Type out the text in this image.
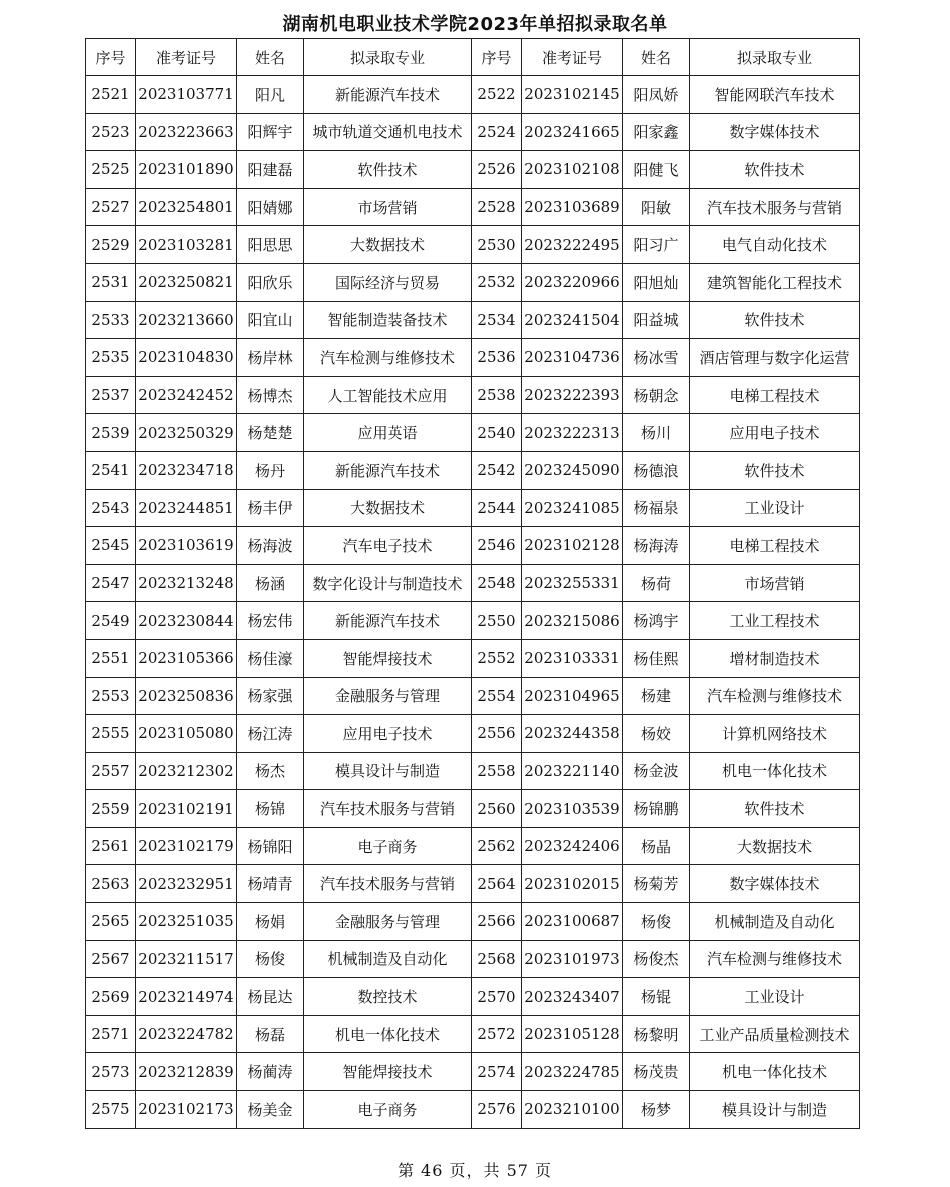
湖南机电职业技术学院2023年单招拟录取名单
序号	准考证号	姓名	拟录取专业	序号	准考证号	姓名	拟录取专业
2521	2023103771	阳凡	新能源汽车技术	2522	2023102145	阳凤娇	智能网联汽车技术
2523	2023223663	阳辉宇	城市轨道交通机电技术	2524	2023241665	阳家鑫	数字媒体技术
2525	2023101890	阳建磊	软件技术	2526	2023102108	阳健飞	软件技术
2527	2023254801	阳婧娜	市场营销	2528	2023103689	阳敏	汽车技术服务与营销
2529	2023103281	阳思思	大数据技术	2530	2023222495	阳习广	电气自动化技术
2531	2023250821	阳欣乐	国际经济与贸易	2532	2023220966	阳旭灿	建筑智能化工程技术
2533	2023213660	阳宜山	智能制造装备技术	2534	2023241504	阳益城	软件技术
2535	2023104830	杨岸林	汽车检测与维修技术	2536	2023104736	杨冰雪	酒店管理与数字化运营
2537	2023242452	杨博杰	人工智能技术应用	2538	2023222393	杨朝念	电梯工程技术
2539	2023250329	杨楚楚	应用英语	2540	2023222313	杨川	应用电子技术
2541	2023234718	杨丹	新能源汽车技术	2542	2023245090	杨德浪	软件技术
2543	2023244851	杨丰伊	大数据技术	2544	2023241085	杨福泉	工业设计
2545	2023103619	杨海波	汽车电子技术	2546	2023102128	杨海涛	电梯工程技术
2547	2023213248	杨涵	数字化设计与制造技术	2548	2023255331	杨荷	市场营销
2549	2023230844	杨宏伟	新能源汽车技术	2550	2023215086	杨鸿宇	工业工程技术
2551	2023105366	杨佳濠	智能焊接技术	2552	2023103331	杨佳熙	增材制造技术
2553	2023250836	杨家强	金融服务与管理	2554	2023104965	杨建	汽车检测与维修技术
2555	2023105080	杨江涛	应用电子技术	2556	2023244358	杨姣	计算机网络技术
2557	2023212302	杨杰	模具设计与制造	2558	2023221140	杨金波	机电一体化技术
2559	2023102191	杨锦	汽车技术服务与营销	2560	2023103539	杨锦鹏	软件技术
2561	2023102179	杨锦阳	电子商务	2562	2023242406	杨晶	大数据技术
2563	2023232951	杨靖青	汽车技术服务与营销	2564	2023102015	杨菊芳	数字媒体技术
2565	2023251035	杨娟	金融服务与管理	2566	2023100687	杨俊	机械制造及自动化
2567	2023211517	杨俊	机械制造及自动化	2568	2023101973	杨俊杰	汽车检测与维修技术
2569	2023214974	杨昆达	数控技术	2570	2023243407	杨锟	工业设计
2571	2023224782	杨磊	机电一体化技术	2572	2023105128	杨黎明	工业产品质量检测技术
2573	2023212839	杨蔺涛	智能焊接技术	2574	2023224785	杨茂贵	机电一体化技术
2575	2023102173	杨美金	电子商务	2576	2023210100	杨梦	模具设计与制造
第 46 页，共 57 页
